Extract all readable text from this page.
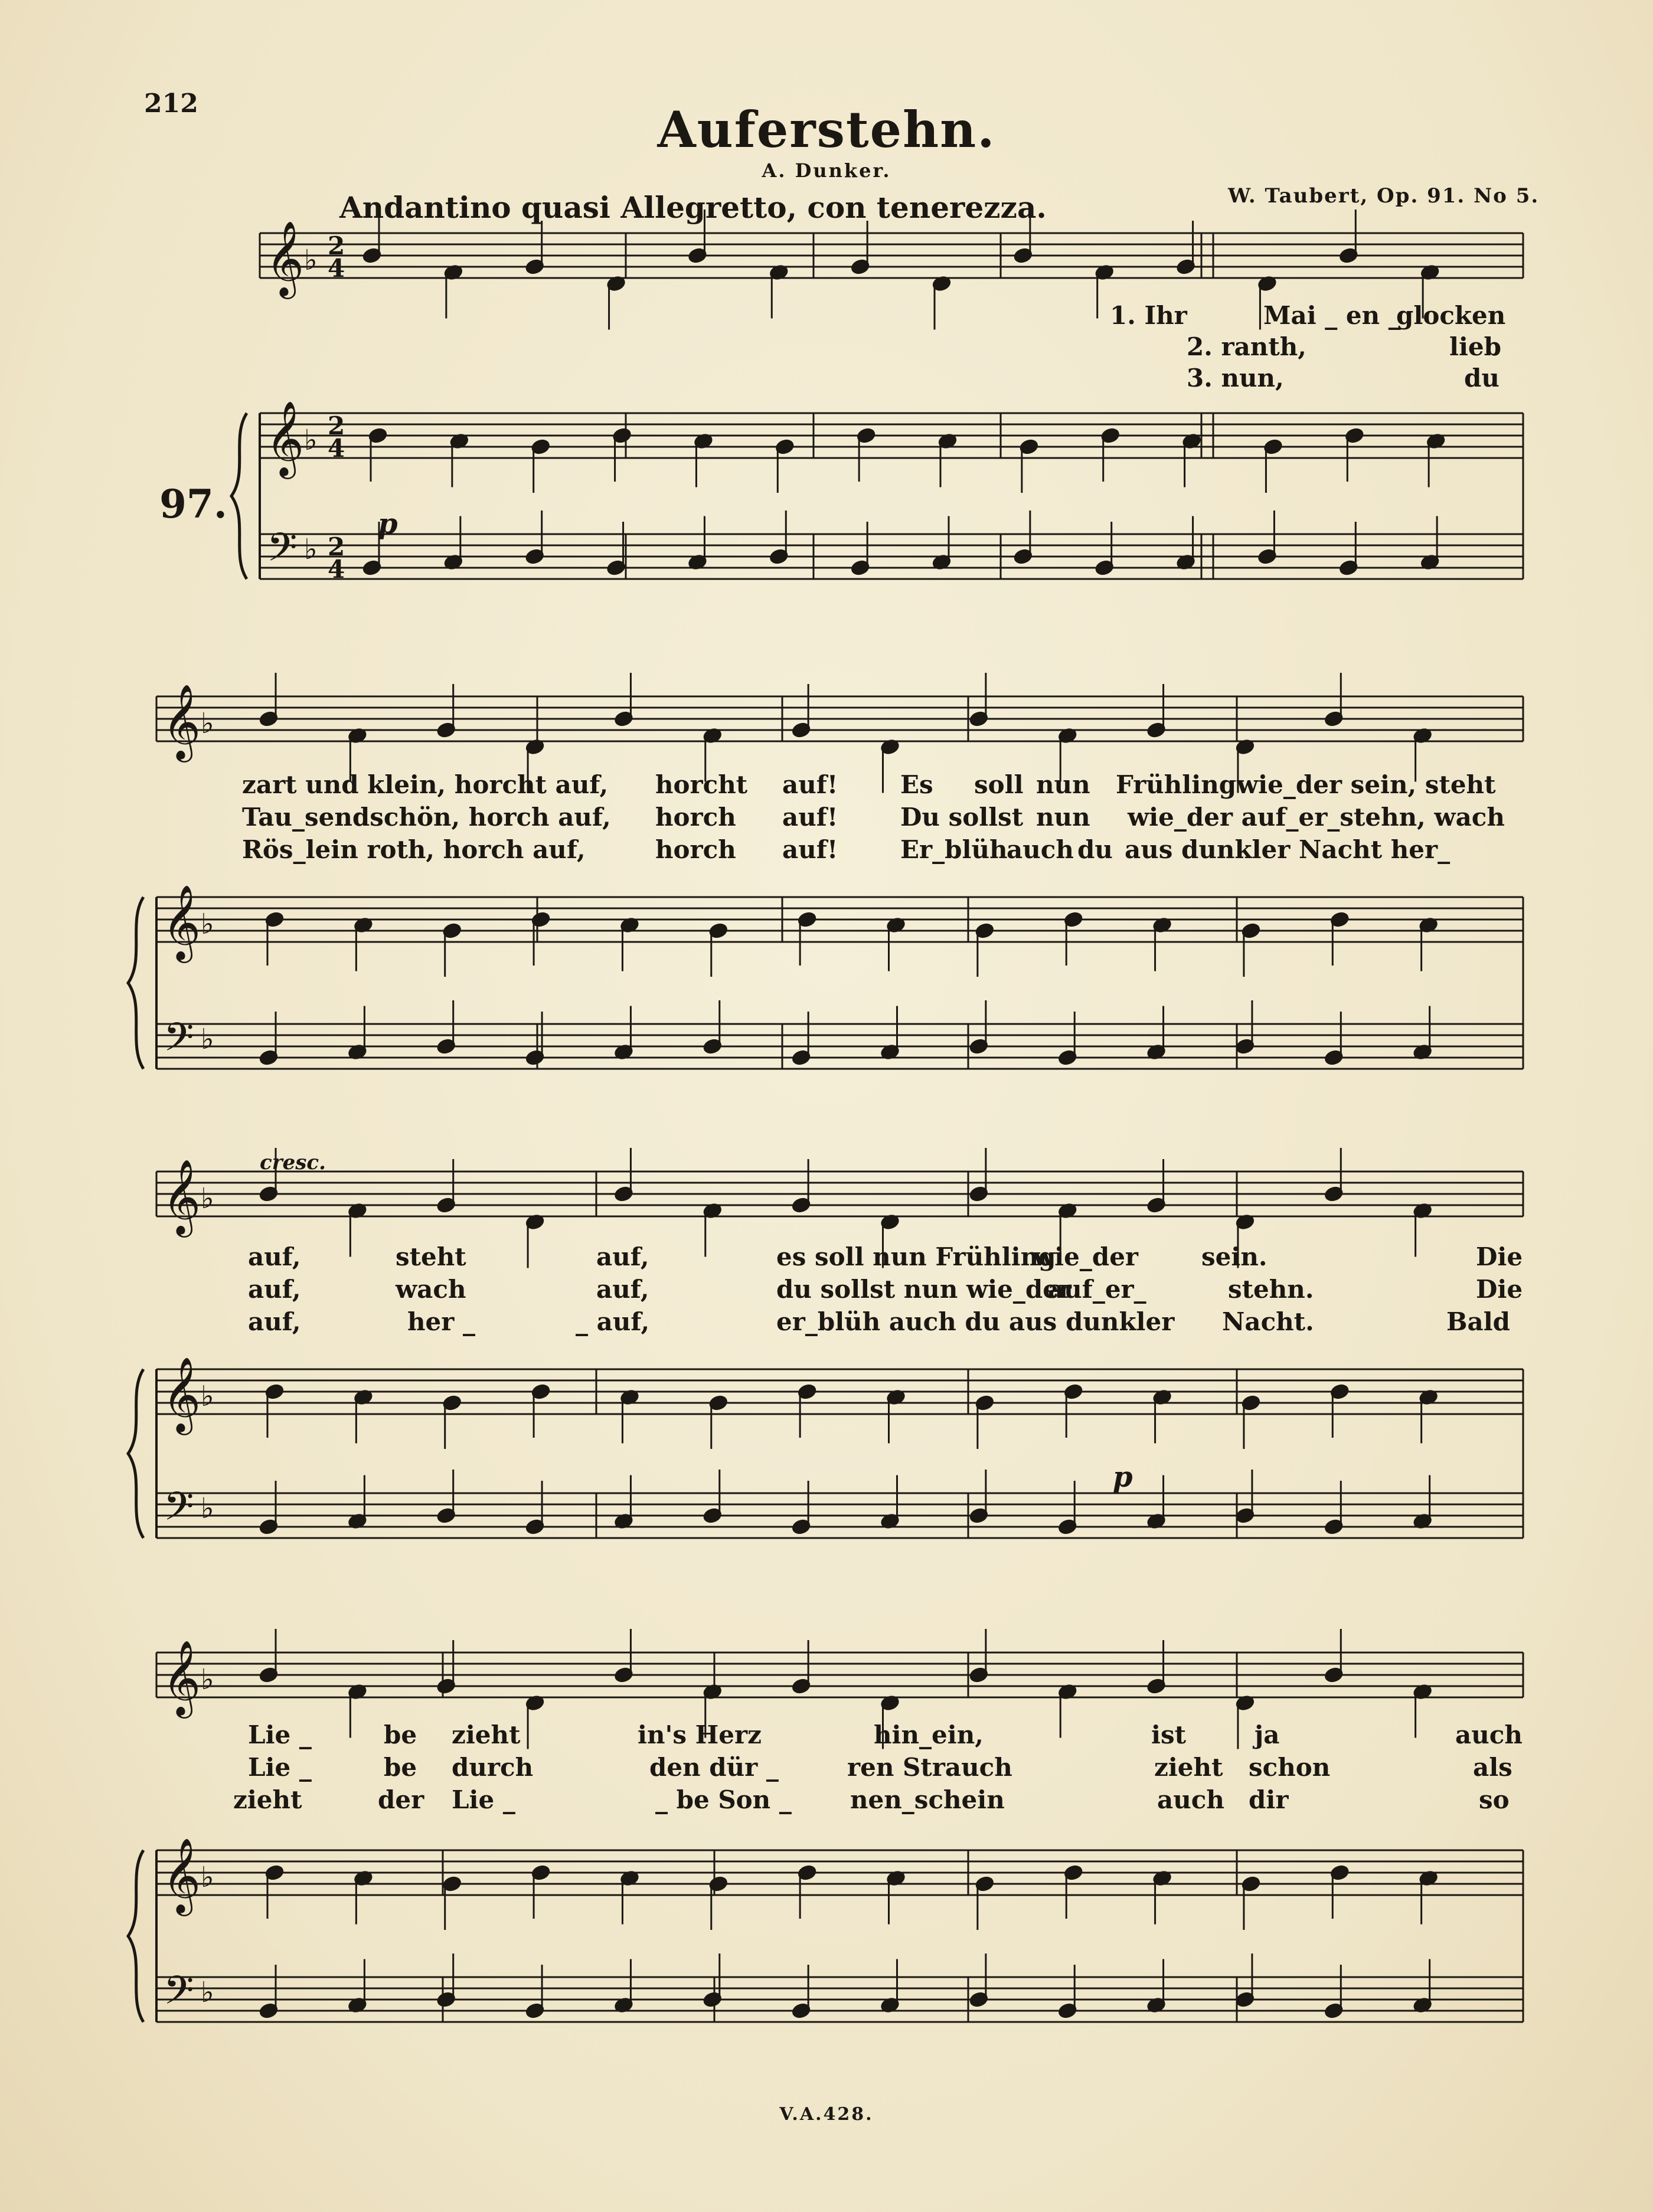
212	Auferstehn.
A. Dunker.
W. Taubert, Op. 91. No 5.
Andantino quasi Allegretto, con tenerezza.
97.
V.A.428.
p
cresc.
p
1. Ihr	Mai _ en _
glocken
2. ranth,	lieb
3. nun,	du
zart und klein, horcht auf, horcht auf!	Es soll nun Frühling wie_der sein, steht
Tau_sendschön, horch auf, horch auf!	Du sollst nun wie_der auf_er_stehn, wach
Rös_lein roth, horch auf,	horch auf!	Er_blüh
auch du aus dunkler Nacht her_
auf,	steht	auf,	es soll nun Frühling
wie_der	sein.	Die
auf,	wach	auf,	du sollst nun wie_der
auf_er_	stehn.	Die
auf,	her _	_ auf,	er_blüh auch du aus dunkler Nacht.	Bald
Lie _	be zieht	in's Herz	hin_ein,	ist	ja	auch
Lie _	be durch	den dür _	ren Strauch	zieht schon	als
zieht	der Lie _	_ be Son _ nen_schein	auch dir	so
𝄞
𝄞
𝄢
♭
♭
♭
2
4
2
4
2
4
𝄞
𝄞
𝄢
♭
♭
♭
𝄞
𝄞
𝄢
♭
♭
♭
𝄞
𝄞
𝄢
♭
♭
♭
